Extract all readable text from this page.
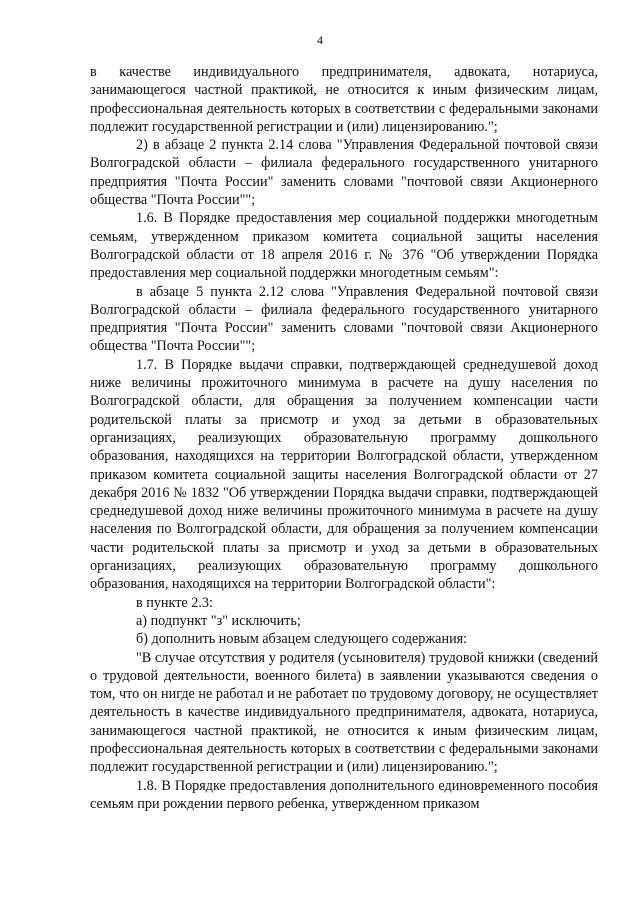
4

в качестве индивидуального предпринимателя, адвоката, нотариуса, занимающегося частной практикой, не относится к иным физическим лицам, профессиональная деятельность которых в соответствии с федеральными законами подлежит государственной регистрации и (или) лицензированию.";

2) в абзаце 2 пункта 2.14 слова "Управления Федеральной почтовой связи Волгоградской области – филиала федерального государственного унитарного предприятия "Почта России" заменить словами "почтовой связи Акционерного общества "Почта России"";

1.6. В Порядке предоставления мер социальной поддержки многодетным семьям, утвержденном приказом комитета социальной защиты населения Волгоградской области от 18 апреля 2016 г. № 376 "Об утверждении Порядка предоставления мер социальной поддержки многодетным семьям":

в абзаце 5 пункта 2.12 слова "Управления Федеральной почтовой связи Волгоградской области – филиала федерального государственного унитарного предприятия "Почта России" заменить словами "почтовой связи Акционерного общества "Почта России"";

1.7. В Порядке выдачи справки, подтверждающей среднедушевой доход ниже величины прожиточного минимума в расчете на душу населения по Волгоградской области, для обращения за получением компенсации части родительской платы за присмотр и уход за детьми в образовательных организациях, реализующих образовательную программу дошкольного образования, находящихся на территории Волгоградской области, утвержденном приказом комитета социальной защиты населения Волгоградской области от 27 декабря 2016 № 1832 "Об утверждении Порядка выдачи справки, подтверждающей среднедушевой доход ниже величины прожиточного минимума в расчете на душу населения по Волгоградской области, для обращения за получением компенсации части родительской платы за присмотр и уход за детьми в образовательных организациях, реализующих образовательную программу дошкольного образования, находящихся на территории Волгоградской области":

в пункте 2.3:

а) подпункт "з" исключить;

б) дополнить новым абзацем следующего содержания:

"В случае отсутствия у родителя (усыновителя) трудовой книжки (сведений о трудовой деятельности, военного билета) в заявлении указываются сведения о том, что он нигде не работал и не работает по трудовому договору, не осуществляет деятельность в качестве индивидуального предпринимателя, адвоката, нотариуса, занимающегося частной практикой, не относится к иным физическим лицам, профессиональная деятельность которых в соответствии с федеральными законами подлежит государственной регистрации и (или) лицензированию.";

1.8. В Порядке предоставления дополнительного единовременного пособия семьям при рождении первого ребенка, утвержденном приказом
